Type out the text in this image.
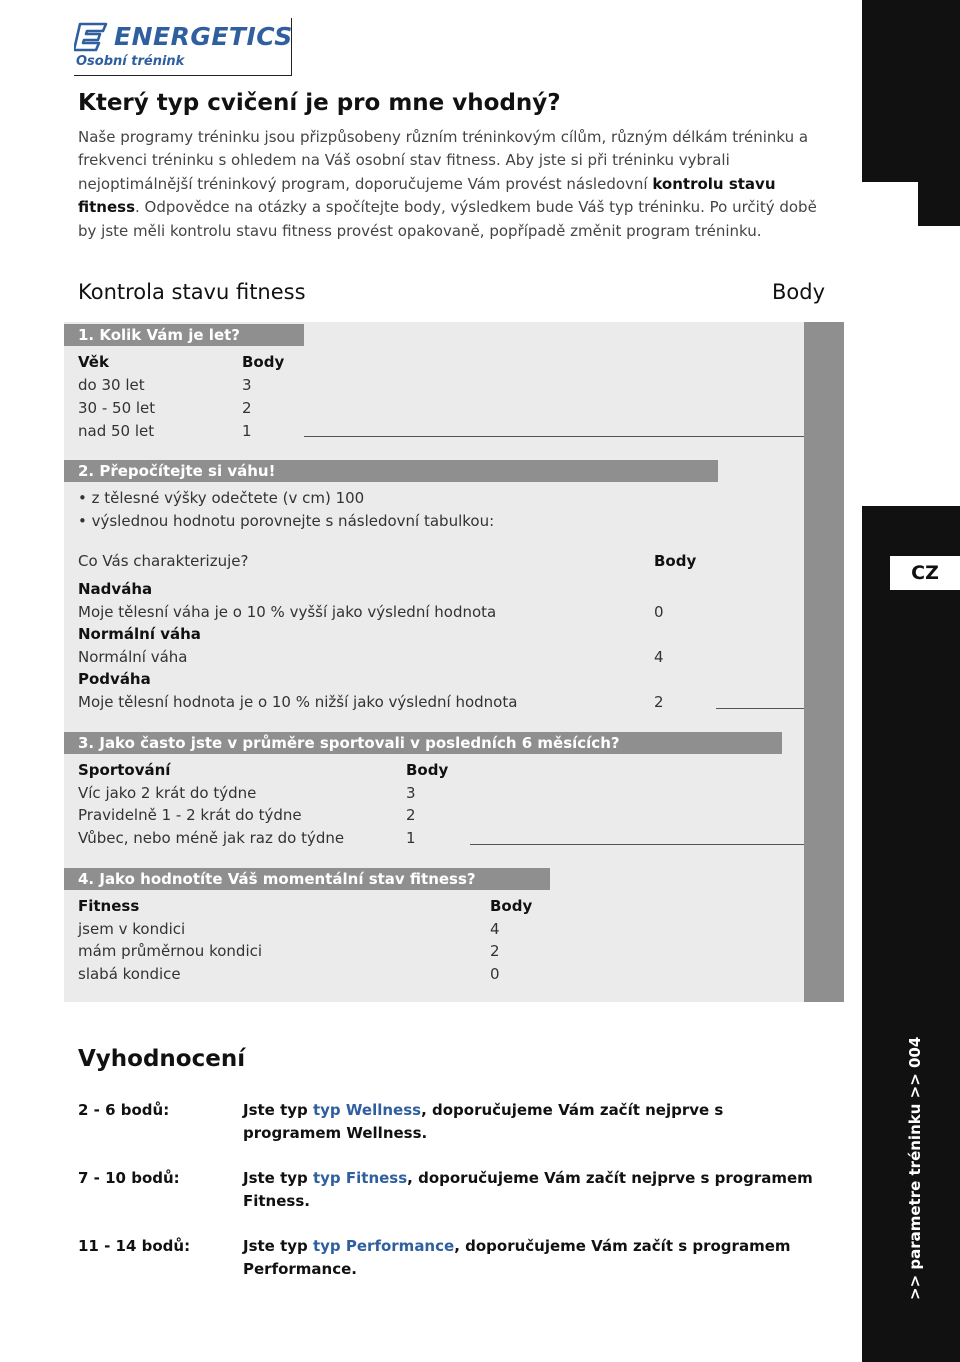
CZ
>> parametre tréninku >> 004
ENERGETICS
Osobní trénink
Který typ cvičení je pro mne vhodný?
Naše programy tréninku jsou přizpůsobeny různím tréninkovým cílům, různým délkám tréninku a frekvenci tréninku s ohledem na Váš osobní stav fitness. Aby jste si při tréninku vybrali nejoptimálnější tréninkový program, doporučujeme Vám provést následovní kontrolu stavu fitness. Odpovědce na otázky a spočítejte body, výsledkem bude Váš typ tréninku. Po určitý době by jste měli kontrolu stavu fitness provést opakovaně, popřípadě změnit program tréninku.
Kontrola stavu fitness	Body
1. Kolik Vám je let?
Věk	Body
do 30 let	3
30 - 50 let	2
nad 50 let	1
2. Přepočítejte si váhu!
• z tělesné výšky odečtete (v cm) 100
• výslednou hodnotu porovnejte s následovní tabulkou:
Co Vás charakterizuje?	Body
Nadváha
Moje tělesní váha je o 10 % vyšší jako výslední hodnota	0
Normální váha
Normální váha	4
Podváha
Moje tělesní hodnota je o 10 % nižší jako výslední hodnota	2
3. Jako často jste v průměre sportovali v posledních 6 měsících?
Sportování	Body
Víc jako 2 krát do týdne	3
Pravidelně 1 - 2 krát do týdne	2
Vůbec, nebo méně jak raz do týdne	1
4. Jako hodnotíte Váš momentální stav fitness?
Fitness	Body
jsem v kondici	4
mám průměrnou kondici	2
slabá kondice	0
Vyhodnocení
2 - 6 bodů:	Jste typ typ Wellness, doporučujeme Vám začít nejprve s programem Wellness.
7 - 10 bodů:	Jste typ typ Fitness, doporučujeme Vám začít nejprve s programem Fitness.
11 - 14 bodů:	Jste typ typ Performance, doporučujeme Vám začít s programem Performance.
